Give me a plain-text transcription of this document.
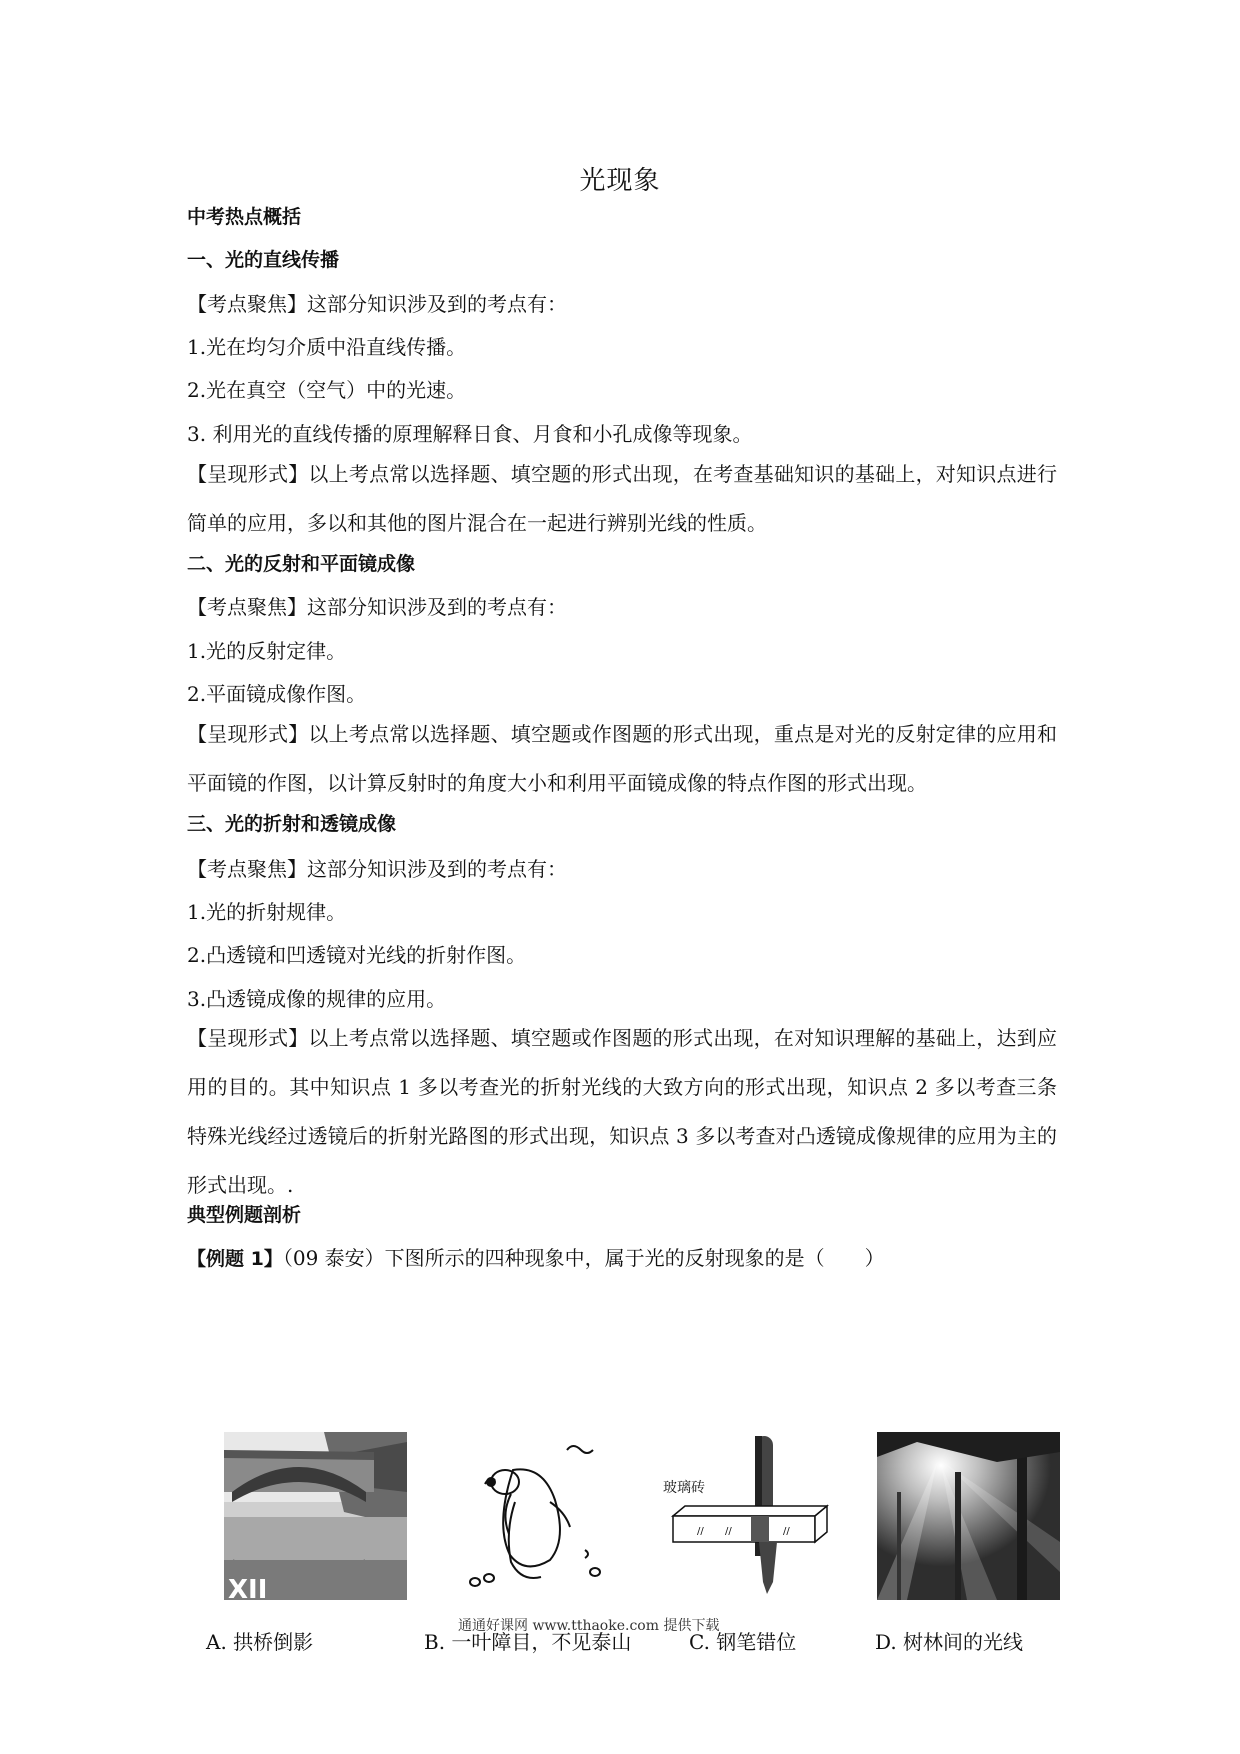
光现象
中考热点概括
一、光的直线传播
【考点聚焦】这部分知识涉及到的考点有：
1.光在均匀介质中沿直线传播。
2.光在真空（空气）中的光速。
3. 利用光的直线传播的原理解释日食、月食和小孔成像等现象。
【呈现形式】以上考点常以选择题、填空题的形式出现，在考查基础知识的基础上，对知识点进行简单的应用，多以和其他的图片混合在一起进行辨别光线的性质。
二、光的反射和平面镜成像
【考点聚焦】这部分知识涉及到的考点有：
1.光的反射定律。
2.平面镜成像作图。
【呈现形式】以上考点常以选择题、填空题或作图题的形式出现，重点是对光的反射定律的应用和平面镜的作图，以计算反射时的角度大小和利用平面镜成像的特点作图的形式出现。
三、光的折射和透镜成像
【考点聚焦】这部分知识涉及到的考点有：
1.光的折射规律。
2.凸透镜和凹透镜对光线的折射作图。
3.凸透镜成像的规律的应用。
【呈现形式】以上考点常以选择题、填空题或作图题的形式出现，在对知识理解的基础上，达到应用的目的。其中知识点 1 多以考查光的折射光线的大致方向的形式出现，知识点 2 多以考查三条特殊光线经过透镜后的折射光路图的形式出现，知识点 3 多以考查对凸透镜成像规律的应用为主的形式出现。.
典型例题剖析
【例题 1】（09 泰安）下图所示的四种现象中，属于光的反射现象的是（　　）
XII
玻璃砖
// //	//
通通好课网 www.tthaoke.com 提供下载
A. 拱桥倒影	B. 一叶障目，不见泰山	C. 钢笔错位	D. 树林间的光线
